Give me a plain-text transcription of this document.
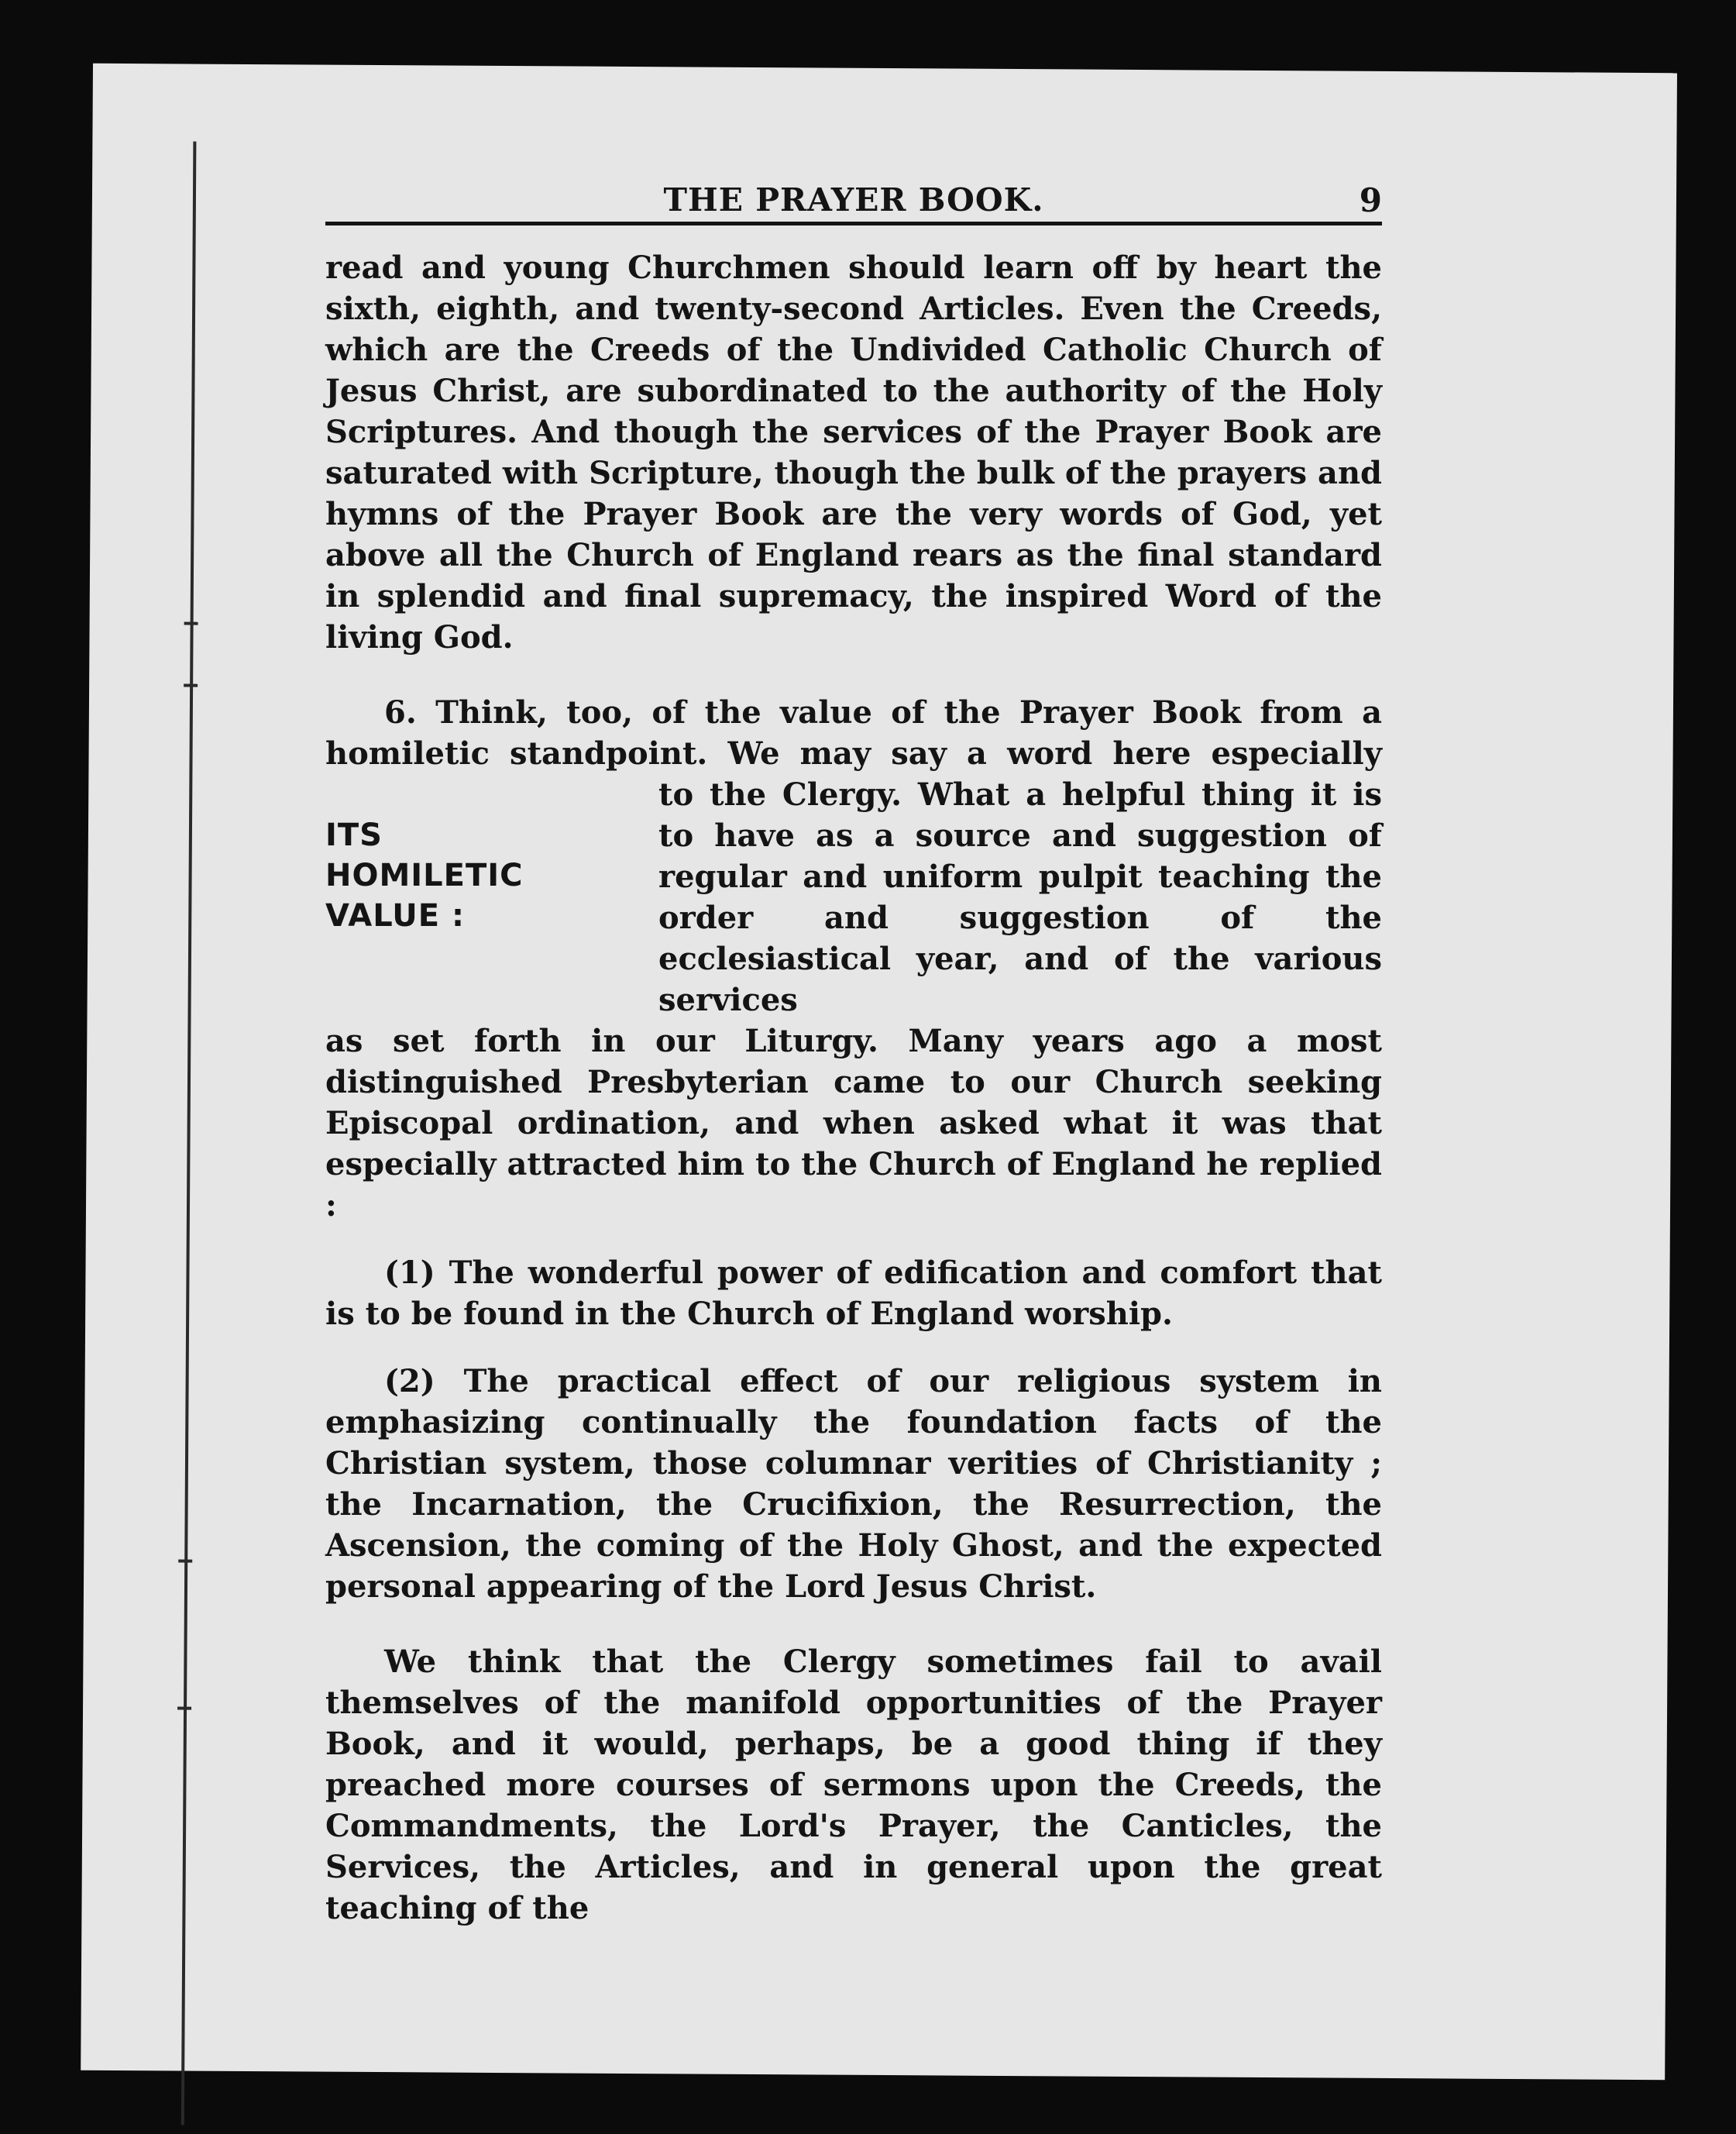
THE PRAYER BOOK.	9

read and young Churchmen should learn off by heart the sixth, eighth, and twenty-second Articles. Even the Creeds, which are the Creeds of the Undivided Catholic Church of Jesus Christ, are subordinated to the authority of the Holy Scriptures. And though the services of the Prayer Book are saturated with Scripture, though the bulk of the prayers and hymns of the Prayer Book are the very words of God, yet above all the Church of England rears as the final standard in splendid and final supremacy, the inspired Word of the living God.

6. Think, too, of the value of the Prayer Book from a homiletic standpoint. We may say a word here especially

ITS
HOMILETIC
VALUE :
to the Clergy. What a helpful thing it is to have as a source and suggestion of regular and uniform pulpit teaching the order and suggestion of the ecclesiastical year, and of the various services

as set forth in our Liturgy. Many years ago a most distinguished Presbyterian came to our Church seeking Episcopal ordination, and when asked what it was that especially attracted him to the Church of England he replied :

(1) The wonderful power of edification and comfort that is to be found in the Church of England worship.

(2) The practical effect of our religious system in emphasizing continually the foundation facts of the Christian system, those columnar verities of Christianity ; the Incarnation, the Crucifixion, the Resurrection, the Ascension, the coming of the Holy Ghost, and the expected personal appearing of the Lord Jesus Christ.

We think that the Clergy sometimes fail to avail themselves of the manifold opportunities of the Prayer Book, and it would, perhaps, be a good thing if they preached more courses of sermons upon the Creeds, the Commandments, the Lord's Prayer, the Canticles, the Services, the Articles, and in general upon the great teaching of the
